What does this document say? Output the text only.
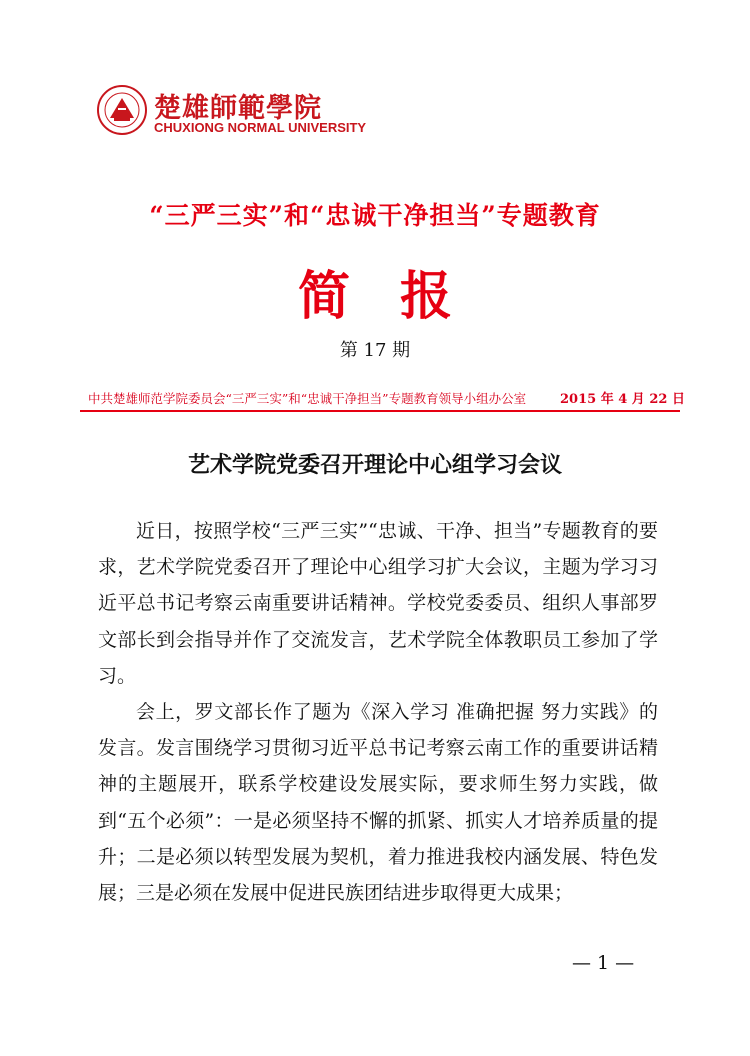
楚雄師範學院
CHUXIONG NORMAL UNIVERSITY
“三严三实”和“忠诚干净担当”专题教育
简 报
第 17 期
中共楚雄师范学院委员会“三严三实”和“忠诚干净担当”专题教育领导小组办公室	2015 年 4 月 22 日
艺术学院党委召开理论中心组学习会议

近日，按照学校“三严三实”“忠诚、干净、担当”专题教育的要求，艺术学院党委召开了理论中心组学习扩大会议，主题为学习习近平总书记考察云南重要讲话精神。学校党委委员、组织人事部罗文部长到会指导并作了交流发言，艺术学院全体教职员工参加了学习。

会上，罗文部长作了题为《深入学习 准确把握 努力实践》的发言。发言围绕学习贯彻习近平总书记考察云南工作的重要讲话精神的主题展开，联系学校建设发展实际，要求师生努力实践，做到“五个必须”：一是必须坚持不懈的抓紧、抓实人才培养质量的提升；二是必须以转型发展为契机，着力推进我校内涵发展、特色发展；三是必须在发展中促进民族团结进步取得更大成果；

— 1 —
